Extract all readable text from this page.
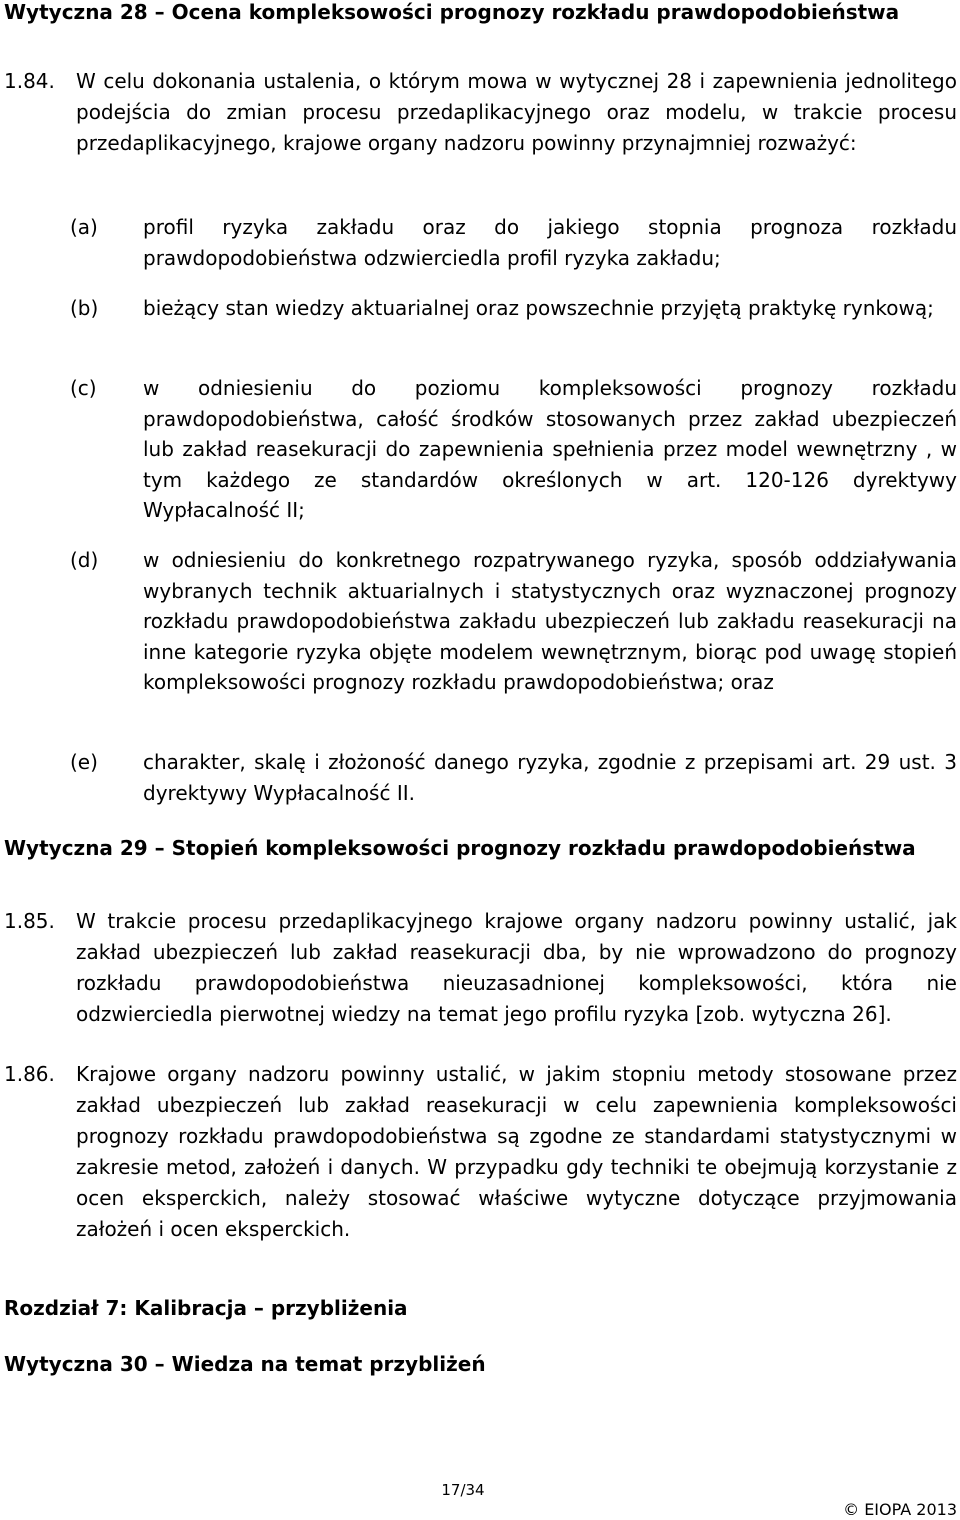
Wytyczna 28 – Ocena kompleksowości prognozy rozkładu prawdopodobieństwa
1.84. W celu dokonania ustalenia, o którym mowa w wytycznej 28 i zapewnienia jednolitego podejścia do zmian procesu przedaplikacyjnego oraz modelu, w trakcie procesu przedaplikacyjnego, krajowe organy nadzoru powinny przynajmniej rozważyć:
(a) profil ryzyka zakładu oraz do jakiego stopnia prognoza rozkładu prawdopodobieństwa odzwierciedla profil ryzyka zakładu;
(b) bieżący stan wiedzy aktuarialnej oraz powszechnie przyjętą praktykę rynkową;
(c) w odniesieniu do poziomu kompleksowości prognozy rozkładu prawdopodobieństwa, całość środków stosowanych przez zakład ubezpieczeń lub zakład reasekuracji do zapewnienia spełnienia przez model wewnętrzny , w tym każdego ze standardów określonych w art. 120-126 dyrektywy Wypłacalność II;
(d) w odniesieniu do konkretnego rozpatrywanego ryzyka, sposób oddziaływania wybranych technik aktuarialnych i statystycznych oraz wyznaczonej prognozy rozkładu prawdopodobieństwa zakładu ubezpieczeń lub zakładu reasekuracji na inne kategorie ryzyka objęte modelem wewnętrznym, biorąc pod uwagę stopień kompleksowości prognozy rozkładu prawdopodobieństwa; oraz
(e) charakter, skalę i złożoność danego ryzyka, zgodnie z przepisami art. 29 ust. 3 dyrektywy Wypłacalność II.
Wytyczna 29 – Stopień kompleksowości prognozy rozkładu prawdopodobieństwa
1.85. W trakcie procesu przedaplikacyjnego krajowe organy nadzoru powinny ustalić, jak zakład ubezpieczeń lub zakład reasekuracji dba, by nie wprowadzono do prognozy rozkładu prawdopodobieństwa nieuzasadnionej kompleksowości, która nie odzwierciedla pierwotnej wiedzy na temat jego profilu ryzyka [zob. wytyczna 26].
1.86. Krajowe organy nadzoru powinny ustalić, w jakim stopniu metody stosowane przez zakład ubezpieczeń lub zakład reasekuracji w celu zapewnienia kompleksowości prognozy rozkładu prawdopodobieństwa są zgodne ze standardami statystycznymi w zakresie metod, założeń i danych. W przypadku gdy techniki te obejmują korzystanie z ocen eksperckich, należy stosować właściwe wytyczne dotyczące przyjmowania założeń i ocen eksperckich.
Rozdział 7: Kalibracja – przybliżenia
Wytyczna 30 – Wiedza na temat przybliżeń
17/34
© EIOPA 2013
